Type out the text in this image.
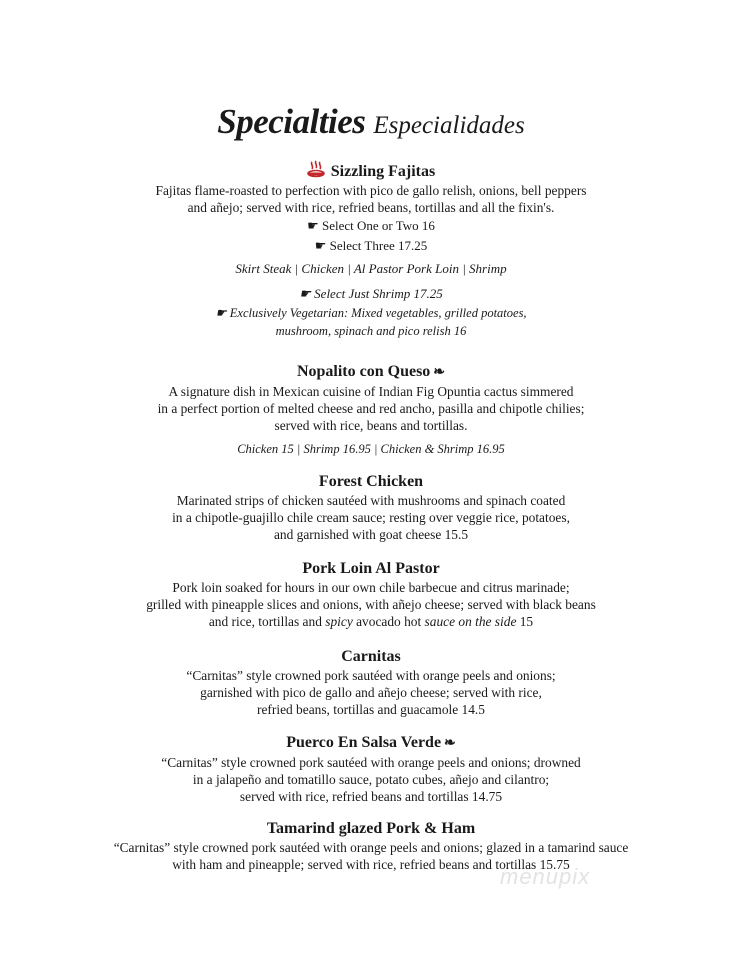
Specialties Especialidades
Sizzling Fajitas
Fajitas flame-roasted to perfection with pico de gallo relish, onions, bell peppers
and añejo; served with rice, refried beans, tortillas and all the fixin's.
☛ Select One or Two 16
☛ Select Three 17.25
Skirt Steak | Chicken | Al Pastor Pork Loin | Shrimp
☛ Select Just Shrimp 17.25
☛ Exclusively Vegetarian: Mixed vegetables, grilled potatoes,
mushroom, spinach and pico relish 16
Nopalito con Queso ❧
A signature dish in Mexican cuisine of Indian Fig Opuntia cactus simmered
in a perfect portion of melted cheese and red ancho, pasilla and chipotle chilies;
served with rice, beans and tortillas.
Chicken 15 | Shrimp 16.95 | Chicken & Shrimp 16.95
Forest Chicken
Marinated strips of chicken sautéed with mushrooms and spinach coated
in a chipotle-guajillo chile cream sauce; resting over veggie rice, potatoes,
and garnished with goat cheese 15.5
Pork Loin Al Pastor
Pork loin soaked for hours in our own chile barbecue and citrus marinade;
grilled with pineapple slices and onions, with añejo cheese; served with black beans
and rice, tortillas and spicy avocado hot sauce on the side 15
Carnitas
“Carnitas” style crowned pork sautéed with orange peels and onions;
garnished with pico de gallo and añejo cheese; served with rice,
refried beans, tortillas and guacamole 14.5
Puerco En Salsa Verde ❧
“Carnitas” style crowned pork sautéed with orange peels and onions; drowned
in a jalapeño and tomatillo sauce, potato cubes, añejo and cilantro;
served with rice, refried beans and tortillas 14.75
Tamarind glazed Pork & Ham
“Carnitas” style crowned pork sautéed with orange peels and onions; glazed in a tamarind sauce
with ham and pineapple; served with rice, refried beans and tortillas 15.75
menupix
